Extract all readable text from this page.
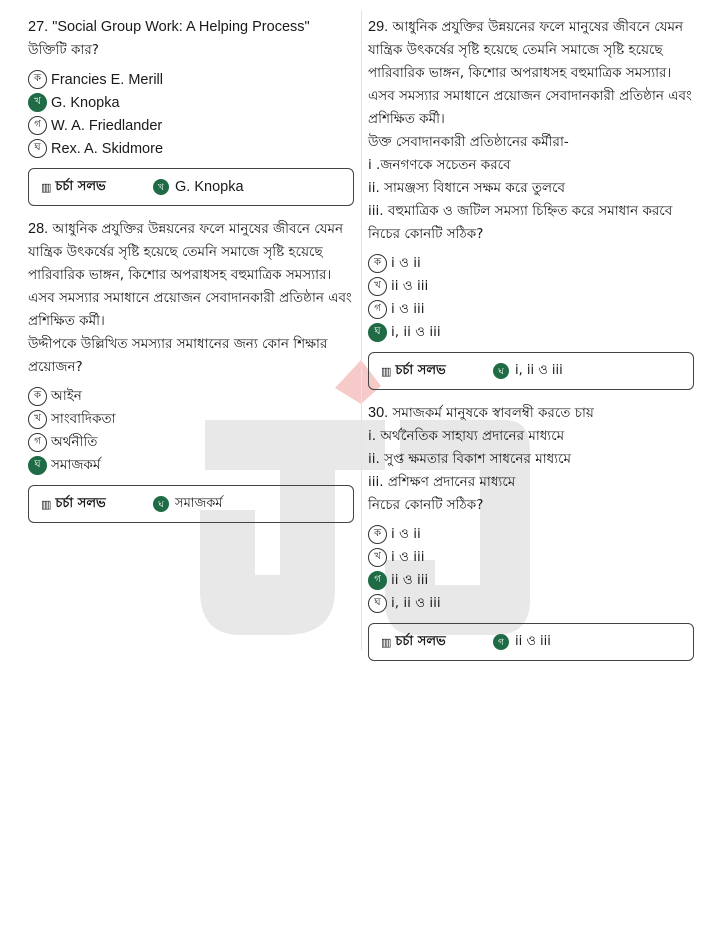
27. "Social Group Work: A Helping Process"
উক্তিটি কার?
ক Francies E. Merill
খ G. Knopka
গ W. A. Friedlander
ঘ Rex. A. Skidmore
▥ চর্চা সলভ	খ G. Knopka
28. আধুনিক প্রযুক্তির উন্নয়নের ফলে মানুষের জীবনে যেমন যান্ত্রিক উৎকর্ষের সৃষ্টি হয়েছে তেমনি সমাজে সৃষ্টি হয়েছে পারিবারিক ভাঙ্গন, কিশোর অপরাধসহ বহুমাত্রিক সমস্যার। এসব সমস্যার সমাধানে প্রয়োজন সেবাদানকারী প্রতিষ্ঠান এবং প্রশিক্ষিত কর্মী।
উদ্দীপকে উল্লিখিত সমস্যার সমাধানের জন্য কোন শিক্ষার প্রয়োজন?
ক আইন
খ সাংবাদিকতা
গ অর্থনীতি
ঘ সমাজকর্ম
▥ চর্চা সলভ	ঘ সমাজকর্ম
29. আধুনিক প্রযুক্তির উন্নয়নের ফলে মানুষের জীবনে যেমন যান্ত্রিক উৎকর্ষের সৃষ্টি হয়েছে তেমনি সমাজে সৃষ্টি হয়েছে পারিবারিক ভাঙ্গন, কিশোর অপরাধসহ বহুমাত্রিক সমস্যার। এসব সমস্যার সমাধানে প্রয়োজন সেবাদানকারী প্রতিষ্ঠান এবং প্রশিক্ষিত কর্মী।
উক্ত সেবাদানকারী প্রতিষ্ঠানের কর্মীরা-
i .জনগণকে সচেতন করবে
ii. সামঞ্জস্য বিধানে সক্ষম করে তুলবে
iii. বহুমাত্রিক ও জটিল সমস্যা চিহ্নিত করে সমাধান করবে
নিচের কোনটি সঠিক?
ক i ও ii
খ ii ও iii
গ i ও iii
ঘ i, ii ও iii
▥ চর্চা সলভ	ঘ i, ii ও iii
30. সমাজকর্ম মানুষকে স্বাবলম্বী করতে চায়
i. অর্থনৈতিক সাহায্য প্রদানের মাধ্যমে
ii. সুপ্ত ক্ষমতার বিকাশ সাধনের মাধ্যমে
iii. প্রশিক্ষণ প্রদানের মাধ্যমে
নিচের কোনটি সঠিক?
ক i ও ii
খ i ও iii
গ ii ও iii
ঘ i, ii ও iii
▥ চর্চা সলভ	গ ii ও iii
